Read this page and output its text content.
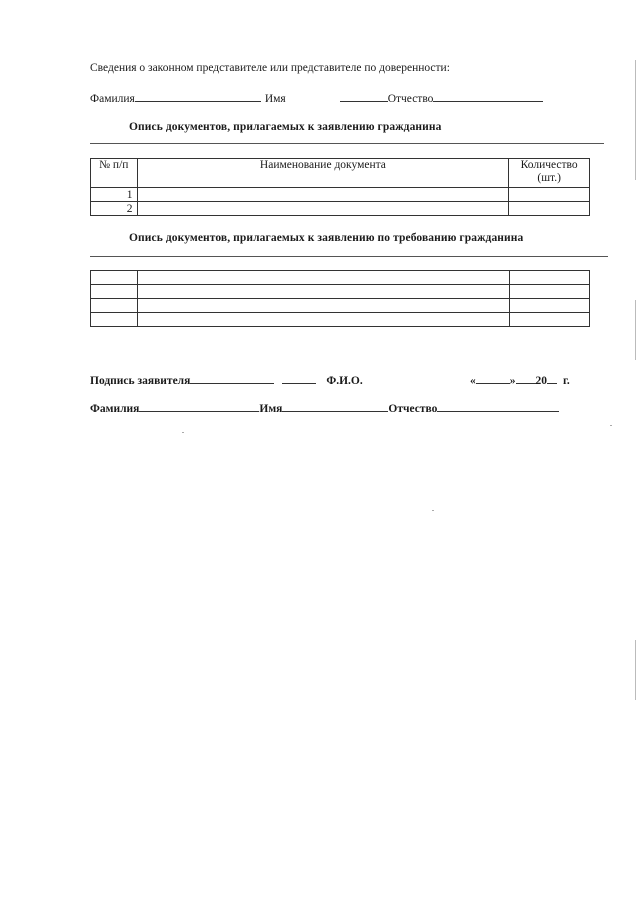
Сведения о законном представителе или представителе по доверенности:
Фамилия	Имя	Отчество
Опись документов, прилагаемых к заявлению гражданина
№ п/п	Наименование документа	Количество (шт.)
1		
2		
Опись документов, прилагаемых к заявлению по требованию гражданина

Подпись заявителя	Ф.И.О.	«	» 20 г.
Фамилия	Имя	Отчество
